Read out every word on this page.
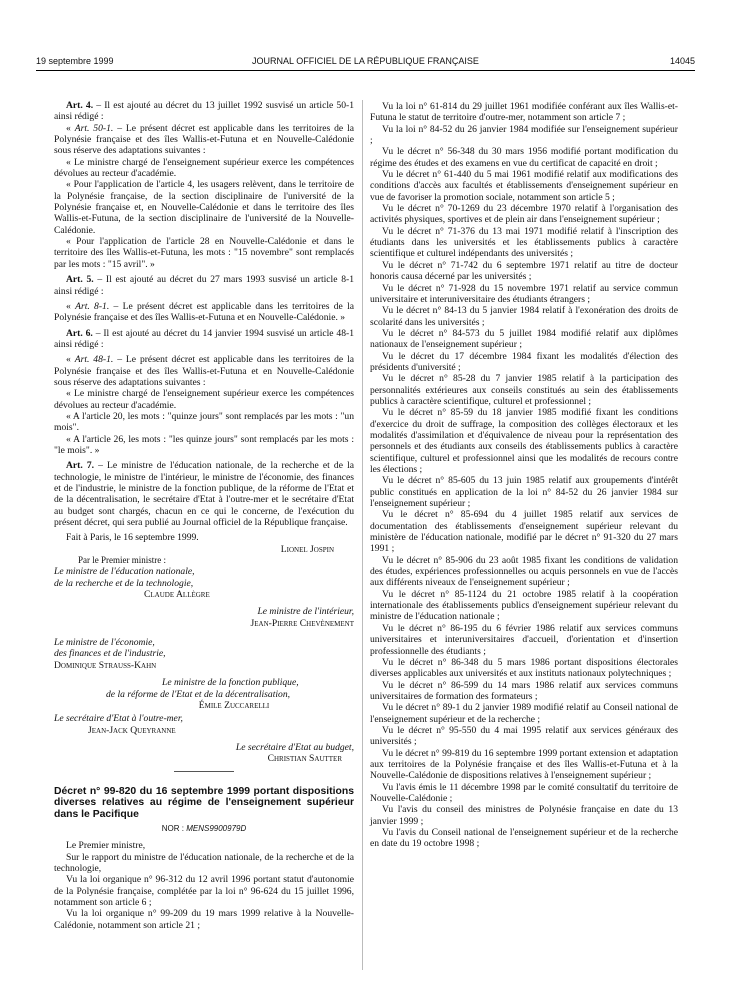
19 septembre 1999	JOURNAL OFFICIEL DE LA RÉPUBLIQUE FRANÇAISE	14045

Art. 4. – Il est ajouté au décret du 13 juillet 1992 susvisé un article 50-1 ainsi rédigé :

« Art. 50-1. – Le présent décret est applicable dans les territoires de la Polynésie française et des îles Wallis-et-Futuna et en Nouvelle-Calédonie sous réserve des adaptations suivantes :

« Le ministre chargé de l'enseignement supérieur exerce les compétences dévolues au recteur d'académie.

« Pour l'application de l'article 4, les usagers relèvent, dans le territoire de la Polynésie française, de la section disciplinaire de l'université de la Polynésie française et, en Nouvelle-Calédonie et dans le territoire des îles Wallis-et-Futuna, de la section disciplinaire de l'université de la Nouvelle-Calédonie.

« Pour l'application de l'article 28 en Nouvelle-Calédonie et dans le territoire des îles Wallis-et-Futuna, les mots : "15 novembre" sont remplacés par les mots : "15 avril". »

Art. 5. – Il est ajouté au décret du 27 mars 1993 susvisé un article 8-1 ainsi rédigé :

« Art. 8-1. – Le présent décret est applicable dans les territoires de la Polynésie française et des îles Wallis-et-Futuna et en Nouvelle-Calédonie. »

Art. 6. – Il est ajouté au décret du 14 janvier 1994 susvisé un article 48-1 ainsi rédigé :

« Art. 48-1. – Le présent décret est applicable dans les territoires de la Polynésie française et des îles Wallis-et-Futuna et en Nouvelle-Calédonie sous réserve des adaptations suivantes :

« Le ministre chargé de l'enseignement supérieur exerce les compétences dévolues au recteur d'académie.

« A l'article 20, les mots : "quinze jours" sont remplacés par les mots : "un mois".

« A l'article 26, les mots : "les quinze jours" sont remplacés par les mots : "le mois". »

Art. 7. – Le ministre de l'éducation nationale, de la recherche et de la technologie, le ministre de l'intérieur, le ministre de l'économie, des finances et de l'industrie, le ministre de la fonction publique, de la réforme de l'Etat et de la décentralisation, le secrétaire d'Etat à l'outre-mer et le secrétaire d'Etat au budget sont chargés, chacun en ce qui le concerne, de l'exécution du présent décret, qui sera publié au Journal officiel de la République française.

Fait à Paris, le 16 septembre 1999.

Lionel Jospin
Par le Premier ministre :
Le ministre de l'éducation nationale,
de la recherche et de la technologie,
Claude Allègre
Le ministre de l'intérieur,
Jean-Pierre Chevènement
Le ministre de l'économie,
des finances et de l'industrie,
Dominique Strauss-Kahn
Le ministre de la fonction publique,
de la réforme de l'Etat et de la décentralisation,
Émile Zuccarelli
Le secrétaire d'Etat à l'outre-mer,
Jean-Jack Queyranne
Le secrétaire d'Etat au budget,
Christian Sautter

Décret n° 99-820 du 16 septembre 1999 portant dispositions diverses relatives au régime de l'enseignement supérieur dans le Pacifique

NOR : MENS9900979D

Le Premier ministre,

Sur le rapport du ministre de l'éducation nationale, de la recherche et de la technologie,

Vu la loi organique n° 96-312 du 12 avril 1996 portant statut d'autonomie de la Polynésie française, complétée par la loi n° 96-624 du 15 juillet 1996, notamment son article 6 ;

Vu la loi organique n° 99-209 du 19 mars 1999 relative à la Nouvelle-Calédonie, notamment son article 21 ;

Vu la loi n° 61-814 du 29 juillet 1961 modifiée conférant aux îles Wallis-et-Futuna le statut de territoire d'outre-mer, notamment son article 7 ;

Vu la loi n° 84-52 du 26 janvier 1984 modifiée sur l'enseignement supérieur ;

Vu le décret n° 56-348 du 30 mars 1956 modifié portant modification du régime des études et des examens en vue du certificat de capacité en droit ;

Vu le décret n° 61-440 du 5 mai 1961 modifié relatif aux modifications des conditions d'accès aux facultés et établissements d'enseignement supérieur en vue de favoriser la promotion sociale, notamment son article 5 ;

Vu le décret n° 70-1269 du 23 décembre 1970 relatif à l'organisation des activités physiques, sportives et de plein air dans l'enseignement supérieur ;

Vu le décret n° 71-376 du 13 mai 1971 modifié relatif à l'inscription des étudiants dans les universités et les établissements publics à caractère scientifique et culturel indépendants des universités ;

Vu le décret n° 71-742 du 6 septembre 1971 relatif au titre de docteur honoris causa décerné par les universités ;

Vu le décret n° 71-928 du 15 novembre 1971 relatif au service commun universitaire et interuniversitaire des étudiants étrangers ;

Vu le décret n° 84-13 du 5 janvier 1984 relatif à l'exonération des droits de scolarité dans les universités ;

Vu le décret n° 84-573 du 5 juillet 1984 modifié relatif aux diplômes nationaux de l'enseignement supérieur ;

Vu le décret du 17 décembre 1984 fixant les modalités d'élection des présidents d'université ;

Vu le décret n° 85-28 du 7 janvier 1985 relatif à la participation des personnalités extérieures aux conseils constitués au sein des établissements publics à caractère scientifique, culturel et professionnel ;

Vu le décret n° 85-59 du 18 janvier 1985 modifié fixant les conditions d'exercice du droit de suffrage, la composition des collèges électoraux et les modalités d'assimilation et d'équivalence de niveau pour la représentation des personnels et des étudiants aux conseils des établissements publics à caractère scientifique, culturel et professionnel ainsi que les modalités de recours contre les élections ;

Vu le décret n° 85-605 du 13 juin 1985 relatif aux groupements d'intérêt public constitués en application de la loi n° 84-52 du 26 janvier 1984 sur l'enseignement supérieur ;

Vu le décret n° 85-694 du 4 juillet 1985 relatif aux services de documentation des établissements d'enseignement supérieur relevant du ministère de l'éducation nationale, modifié par le décret n° 91-320 du 27 mars 1991 ;

Vu le décret n° 85-906 du 23 août 1985 fixant les conditions de validation des études, expériences professionnelles ou acquis personnels en vue de l'accès aux différents niveaux de l'enseignement supérieur ;

Vu le décret n° 85-1124 du 21 octobre 1985 relatif à la coopération internationale des établissements publics d'enseignement supérieur relevant du ministre de l'éducation nationale ;

Vu le décret n° 86-195 du 6 février 1986 relatif aux services communs universitaires et interuniversitaires d'accueil, d'orientation et d'insertion professionnelle des étudiants ;

Vu le décret n° 86-348 du 5 mars 1986 portant dispositions électorales diverses applicables aux universités et aux instituts nationaux polytechniques ;

Vu le décret n° 86-599 du 14 mars 1986 relatif aux services communs universitaires de formation des formateurs ;

Vu le décret n° 89-1 du 2 janvier 1989 modifié relatif au Conseil national de l'enseignement supérieur et de la recherche ;

Vu le décret n° 95-550 du 4 mai 1995 relatif aux services généraux des universités ;

Vu le décret n° 99-819 du 16 septembre 1999 portant extension et adaptation aux territoires de la Polynésie française et des îles Wallis-et-Futuna et à la Nouvelle-Calédonie de dispositions relatives à l'enseignement supérieur ;

Vu l'avis émis le 11 décembre 1998 par le comité consultatif du territoire de Nouvelle-Calédonie ;

Vu l'avis du conseil des ministres de Polynésie française en date du 13 janvier 1999 ;

Vu l'avis du Conseil national de l'enseignement supérieur et de la recherche en date du 19 octobre 1998 ;
